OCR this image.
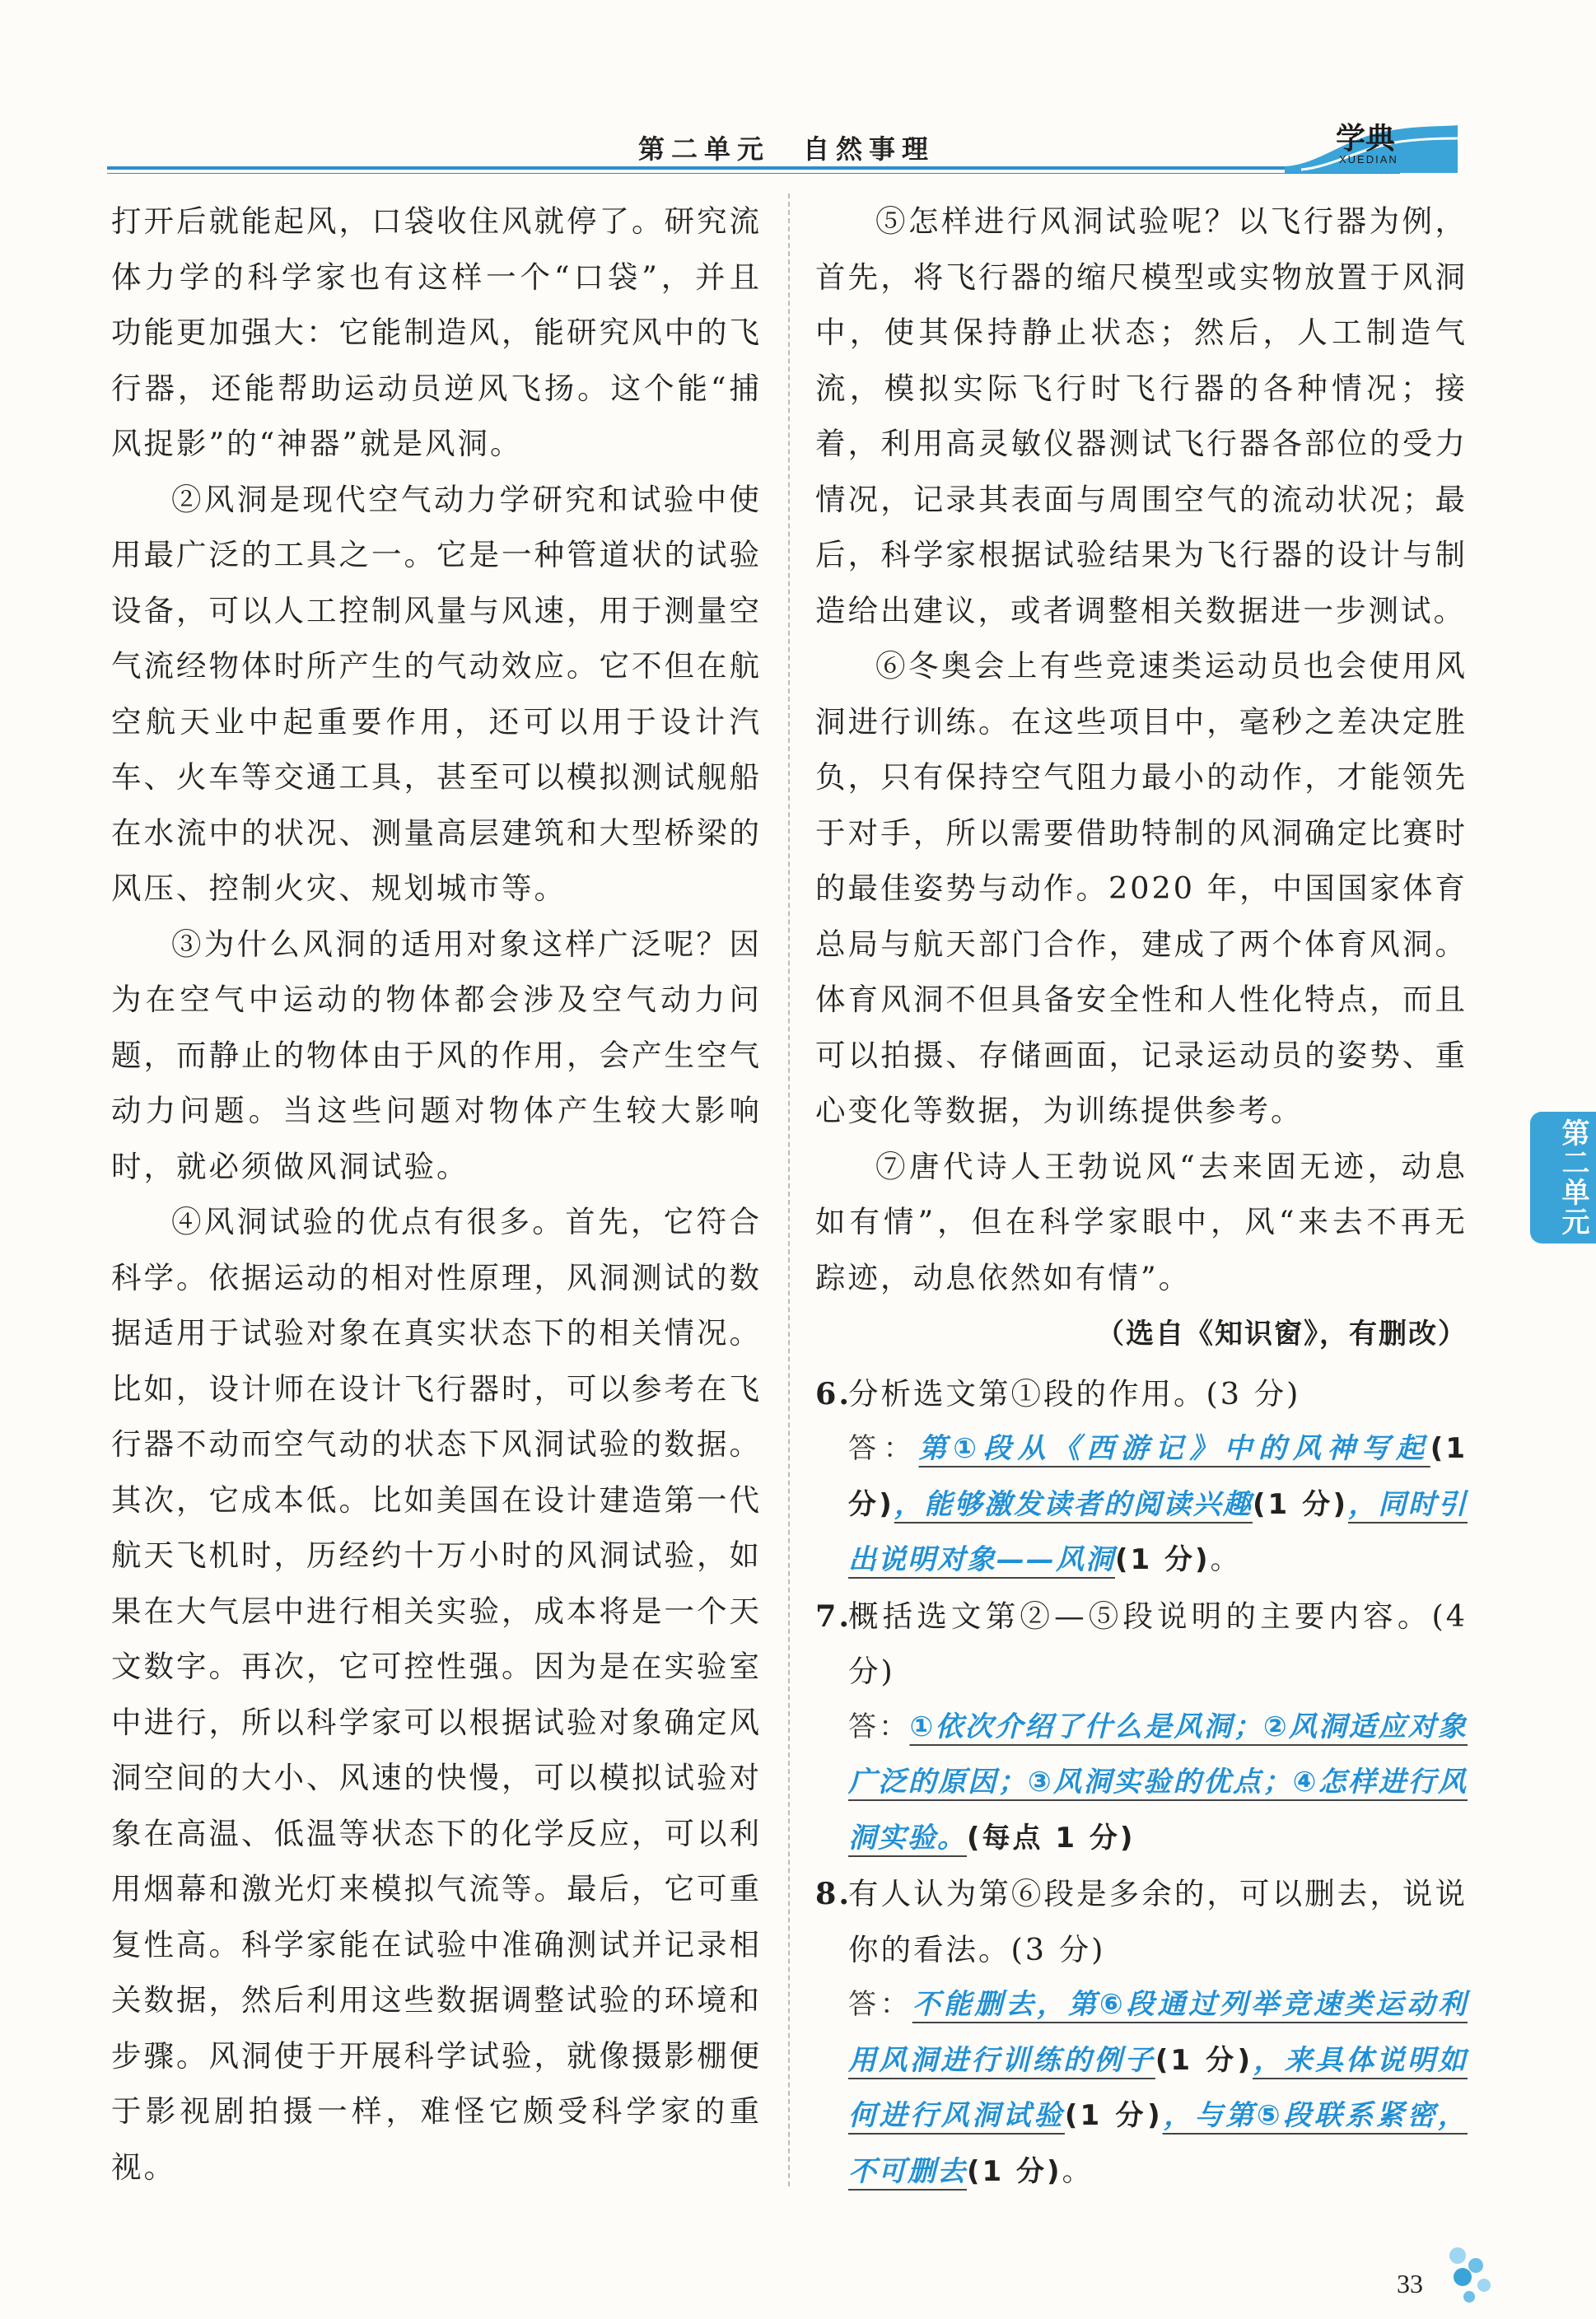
第二单元　自然事理	学典
XUEDIAN

打开后就能起风，口袋收住风就停了。研究流体力学的科学家也有这样一个“口袋”，并且功能更加强大：它能制造风，能研究风中的飞行器，还能帮助运动员逆风飞扬。这个能“捕风捉影”的“神器”就是风洞。

②风洞是现代空气动力学研究和试验中使用最广泛的工具之一。它是一种管道状的试验设备，可以人工控制风量与风速，用于测量空气流经物体时所产生的气动效应。它不但在航空航天业中起重要作用，还可以用于设计汽车、火车等交通工具，甚至可以模拟测试舰船在水流中的状况、测量高层建筑和大型桥梁的风压、控制火灾、规划城市等。

③为什么风洞的适用对象这样广泛呢？因为在空气中运动的物体都会涉及空气动力问题，而静止的物体由于风的作用，会产生空气动力问题。当这些问题对物体产生较大影响时，就必须做风洞试验。

④风洞试验的优点有很多。首先，它符合科学。依据运动的相对性原理，风洞测试的数据适用于试验对象在真实状态下的相关情况。比如，设计师在设计飞行器时，可以参考在飞行器不动而空气动的状态下风洞试验的数据。其次，它成本低。比如美国在设计建造第一代航天飞机时，历经约十万小时的风洞试验，如果在大气层中进行相关实验，成本将是一个天文数字。再次，它可控性强。因为是在实验室中进行，所以科学家可以根据试验对象确定风洞空间的大小、风速的快慢，可以模拟试验对象在高温、低温等状态下的化学反应，可以利用烟幕和激光灯来模拟气流等。最后，它可重复性高。科学家能在试验中准确测试并记录相关数据，然后利用这些数据调整试验的环境和步骤。风洞使于开展科学试验，就像摄影棚便于影视剧拍摄一样，难怪它颇受科学家的重视。

⑤怎样进行风洞试验呢？以飞行器为例，首先，将飞行器的缩尺模型或实物放置于风洞中，使其保持静止状态；然后，人工制造气流，模拟实际飞行时飞行器的各种情况；接着，利用高灵敏仪器测试飞行器各部位的受力情况，记录其表面与周围空气的流动状况；最后，科学家根据试验结果为飞行器的设计与制造给出建议，或者调整相关数据进一步测试。

⑥冬奥会上有些竞速类运动员也会使用风洞进行训练。在这些项目中，毫秒之差决定胜负，只有保持空气阻力最小的动作，才能领先于对手，所以需要借助特制的风洞确定比赛时的最佳姿势与动作。2020 年，中国国家体育总局与航天部门合作，建成了两个体育风洞。体育风洞不但具备安全性和人性化特点，而且可以拍摄、存储画面，记录运动员的姿势、重心变化等数据，为训练提供参考。

⑦唐代诗人王勃说风“去来固无迹，动息如有情”，但在科学家眼中，风“来去不再无踪迹，动息依然如有情”。

（选自《知识窗》，有删改）
6.
分析选文第①段的作用。(3 分)
答：第①段从《西游记》中的风神写起(1 分)，能够激发读者的阅读兴趣(1 分)，同时引出说明对象——风洞(1 分)。
7.
概括选文第②—⑤段说明的主要内容。(4 分)
答：①依次介绍了什么是风洞；②风洞适应对象广泛的原因；③风洞实验的优点；④怎样进行风洞实验。(每点 1 分)
8.
有人认为第⑥段是多余的，可以删去，说说你的看法。(3 分)
答：不能删去，第⑥段通过列举竞速类运动利用风洞进行训练的例子(1 分)，来具体说明如何进行风洞试验(1 分)，与第⑤段联系紧密，不可删去(1 分)。
第二单元
33
